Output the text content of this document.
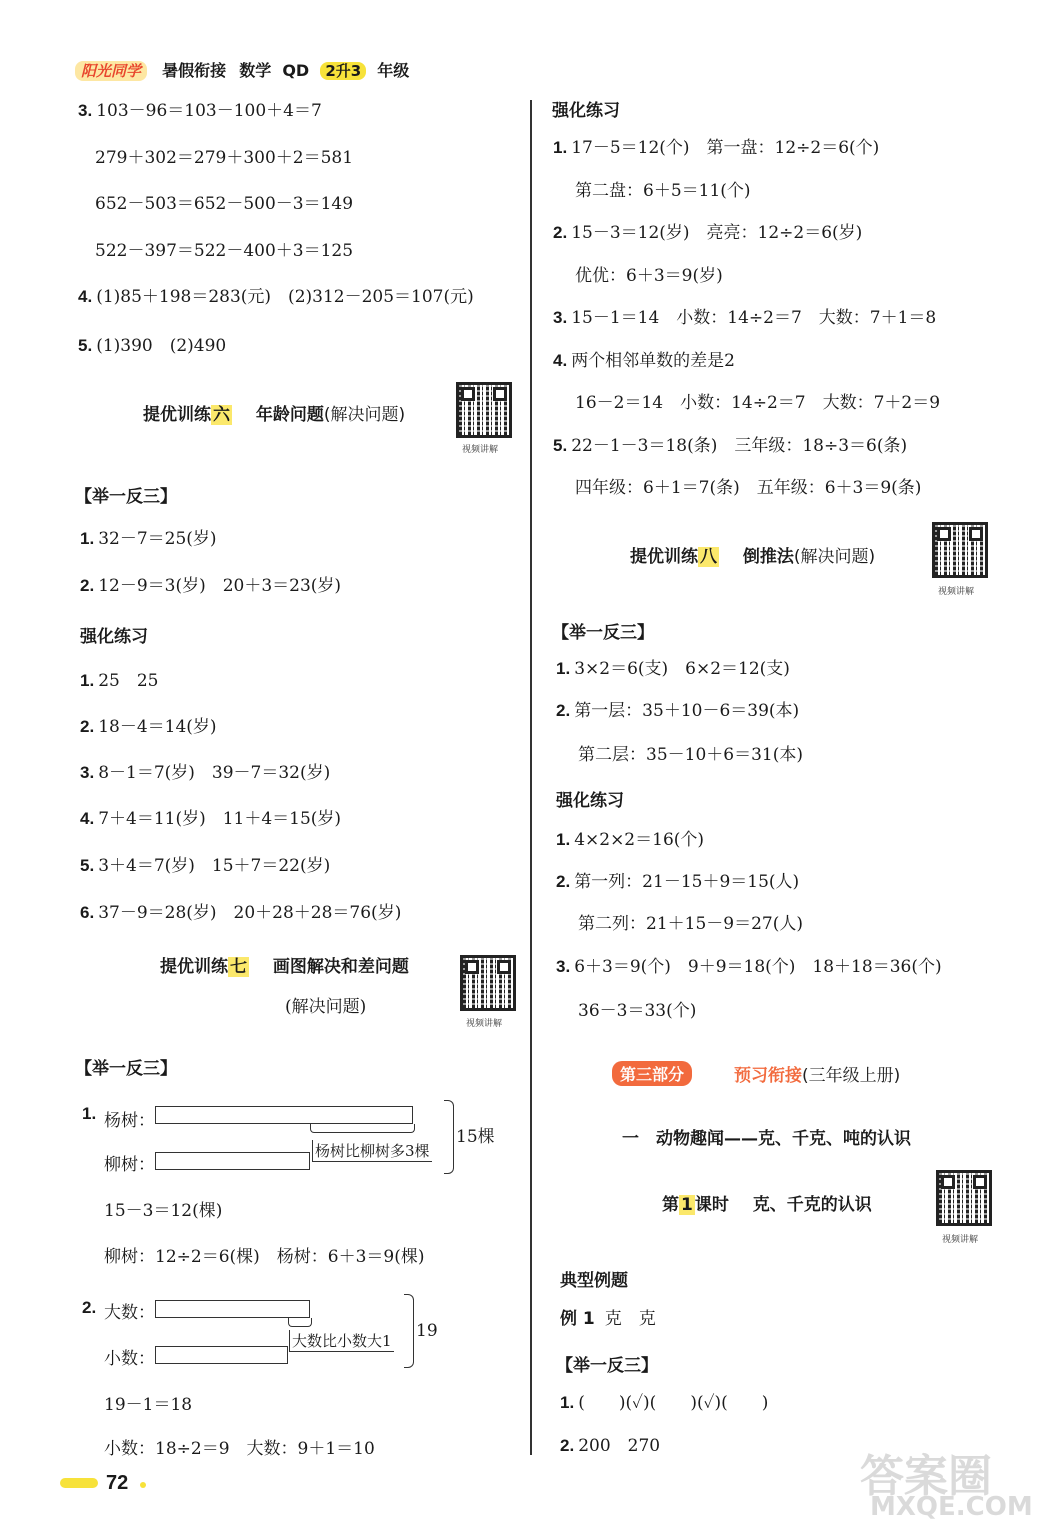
阳光同学 暑假衔接 数学 QD 2升3 年级
3. 103－96＝103－100＋4＝7
279＋302＝279＋300＋2＝581
652－503＝652－500－3＝149
522－397＝522－400＋3＝125
4. (1)85＋198＝283(元)　(2)312－205＝107(元)
5. (1)390　(2)490
提优训练 六 年龄问题(解决问题)
视频讲解
【举一反三】
1. 32－7＝25(岁)
2. 12－9＝3(岁)　20＋3＝23(岁)
强化练习
1. 25　25
2. 18－4＝14(岁)
3. 8－1＝7(岁)　39－7＝32(岁)
4. 7＋4＝11(岁)　11＋4＝15(岁)
5. 3＋4＝7(岁)　15＋7＝22(岁)
6. 37－9＝28(岁)　20＋28＋28＝76(岁)
提优训练 七 画图解决和差问题
(解决问题)
视频讲解
【举一反三】
1. 杨树：
柳树：
杨树比柳树多3棵
15棵
15－3＝12(棵)
柳树：12÷2＝6(棵)　杨树：6＋3＝9(棵)
2. 大数：
小数：
大数比小数大1 19
19－1＝18
小数：18÷2＝9　大数：9＋1＝10
强化练习
1. 17－5＝12(个)　第一盘：12÷2＝6(个)
第二盘：6＋5＝11(个)
2. 15－3＝12(岁)　亮亮：12÷2＝6(岁)
优优：6＋3＝9(岁)
3. 15－1＝14　小数：14÷2＝7　大数：7＋1＝8
4. 两个相邻单数的差是2
16－2＝14　小数：14÷2＝7　大数：7＋2＝9
5. 22－1－3＝18(条)　三年级：18÷3＝6(条)
四年级：6＋1＝7(条)　五年级：6＋3＝9(条)
提优训练 八 倒推法(解决问题)
视频讲解
【举一反三】
1. 3×2＝6(支)　6×2＝12(支)
2. 第一层：35＋10－6＝39(本)
第二层：35－10＋6＝31(本)
强化练习
1. 4×2×2＝16(个)
2. 第一列：21－15＋9＝15(人)
第二列：21＋15－9＝27(人)
3. 6＋3＝9(个)　9＋9＝18(个)　18＋18＝36(个)
36－3＝33(个)
第三部分	预习衔接(三年级上册)
一　动物趣闻——克、千克、吨的认识
第 1 课时 克、千克的认识
视频讲解
典型例题
例 1 克　克
【举一反三】
1. (　　)(✓)(　　)(✓)(　　)
2. 200　270
72	答案圈
MXQE.COM
